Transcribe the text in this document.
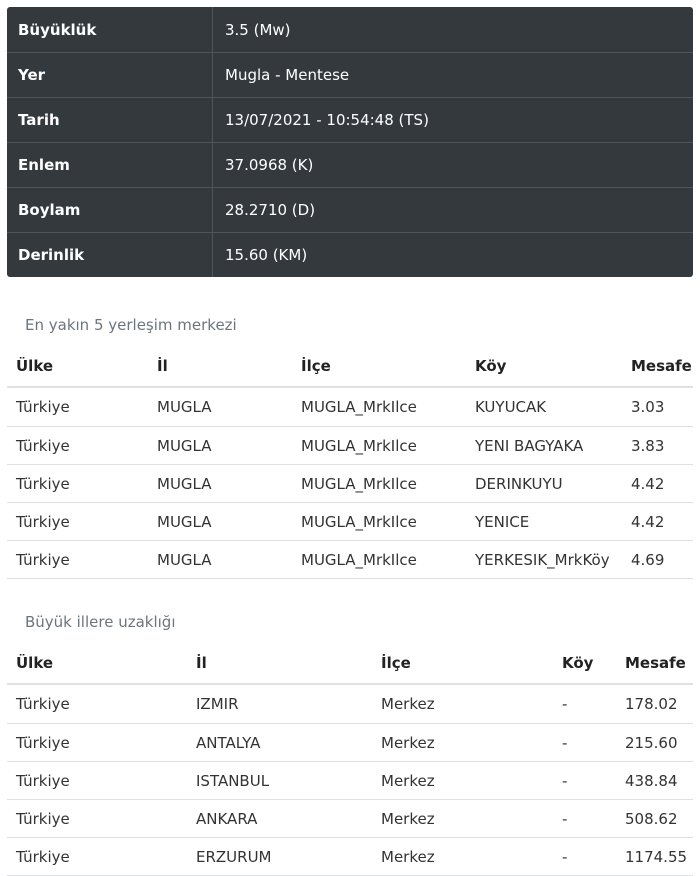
Büyüklük	3.5 (Mw)
Yer	Mugla - Mentese
Tarih	13/07/2021 - 10:54:48 (TS)
Enlem	37.0968 (K)
Boylam	28.2710 (D)
Derinlik	15.60 (KM)
En yakın 5 yerleşim merkezi
Ülke	İl	İlçe	Köy	Mesafe
Türkiye	MUGLA	MUGLA_MrkIlce	KUYUCAK	3.03
Türkiye	MUGLA	MUGLA_MrkIlce	YENI BAGYAKA	3.83
Türkiye	MUGLA	MUGLA_MrkIlce	DERINKUYU	4.42
Türkiye	MUGLA	MUGLA_MrkIlce	YENICE	4.42
Türkiye	MUGLA	MUGLA_MrkIlce	YERKESIK_MrkKöy	4.69
Büyük illere uzaklığı
Ülke	İl	İlçe	Köy	Mesafe
Türkiye	IZMIR	Merkez	-	178.02
Türkiye	ANTALYA	Merkez	-	215.60
Türkiye	ISTANBUL	Merkez	-	438.84
Türkiye	ANKARA	Merkez	-	508.62
Türkiye	ERZURUM	Merkez	-	1174.55
